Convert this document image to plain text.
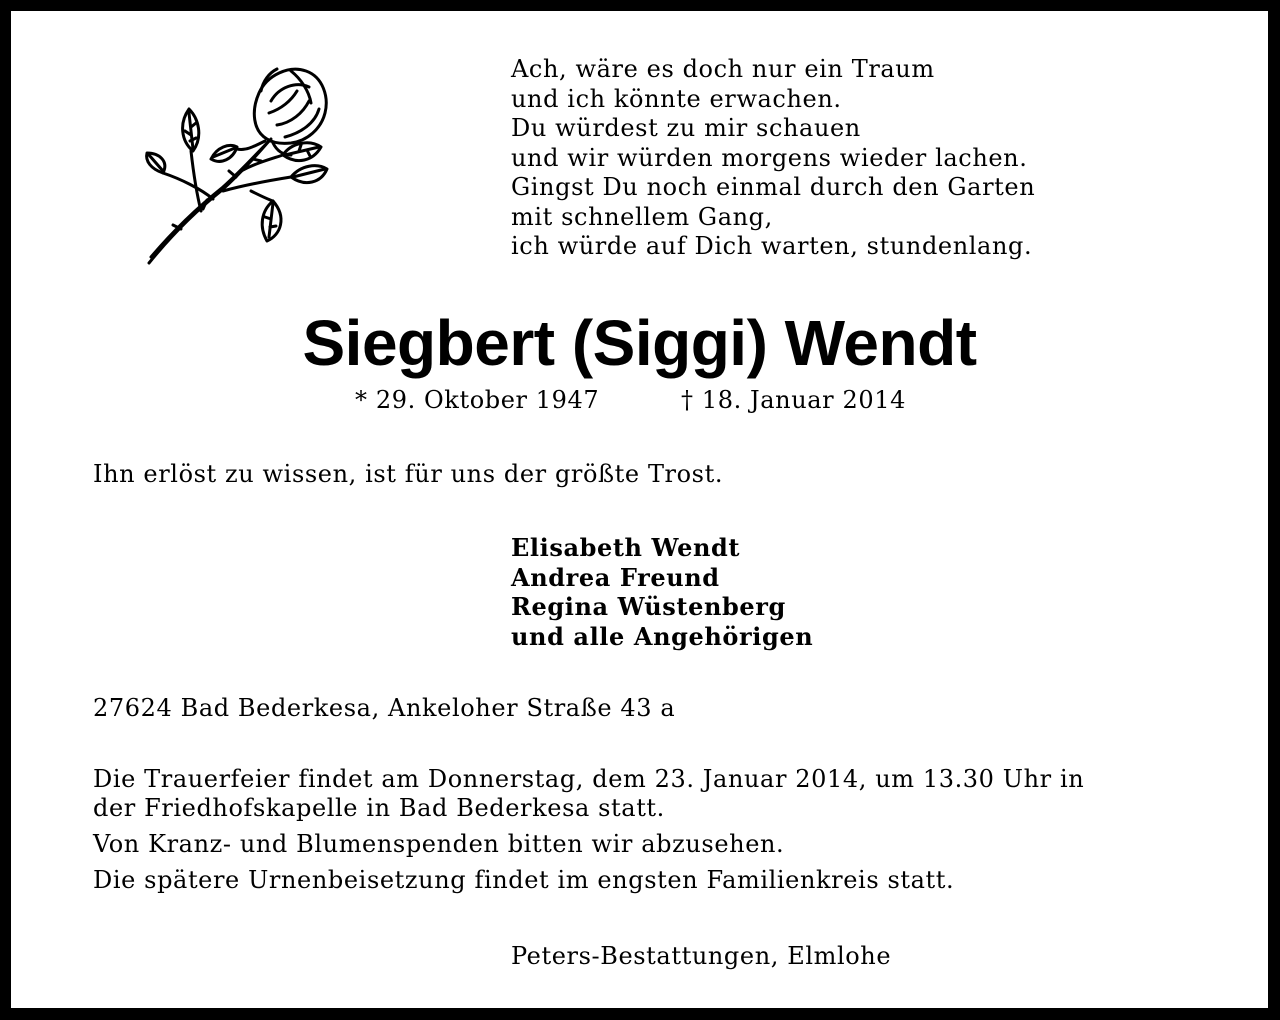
Ach, wäre es doch nur ein Traum
und ich könnte erwachen.
Du würdest zu mir schauen
und wir würden morgens wieder lachen.
Gingst Du noch einmal durch den Garten
mit schnellem Gang,
ich würde auf Dich warten, stundenlang.
Siegbert (Siggi) Wendt
* 29. Oktober 1947	† 18. Januar 2014
Ihn erlöst zu wissen, ist für uns der größte Trost.
Elisabeth Wendt
Andrea Freund
Regina Wüstenberg
und alle Angehörigen
27624 Bad Bederkesa, Ankeloher Straße 43 a
Die Trauerfeier findet am Donnerstag, dem 23. Januar 2014, um 13.30 Uhr in
der Friedhofskapelle in Bad Bederkesa statt.
Von Kranz- und Blumenspenden bitten wir abzusehen.
Die spätere Urnenbeisetzung findet im engsten Familienkreis statt.
Peters-Bestattungen, Elmlohe
